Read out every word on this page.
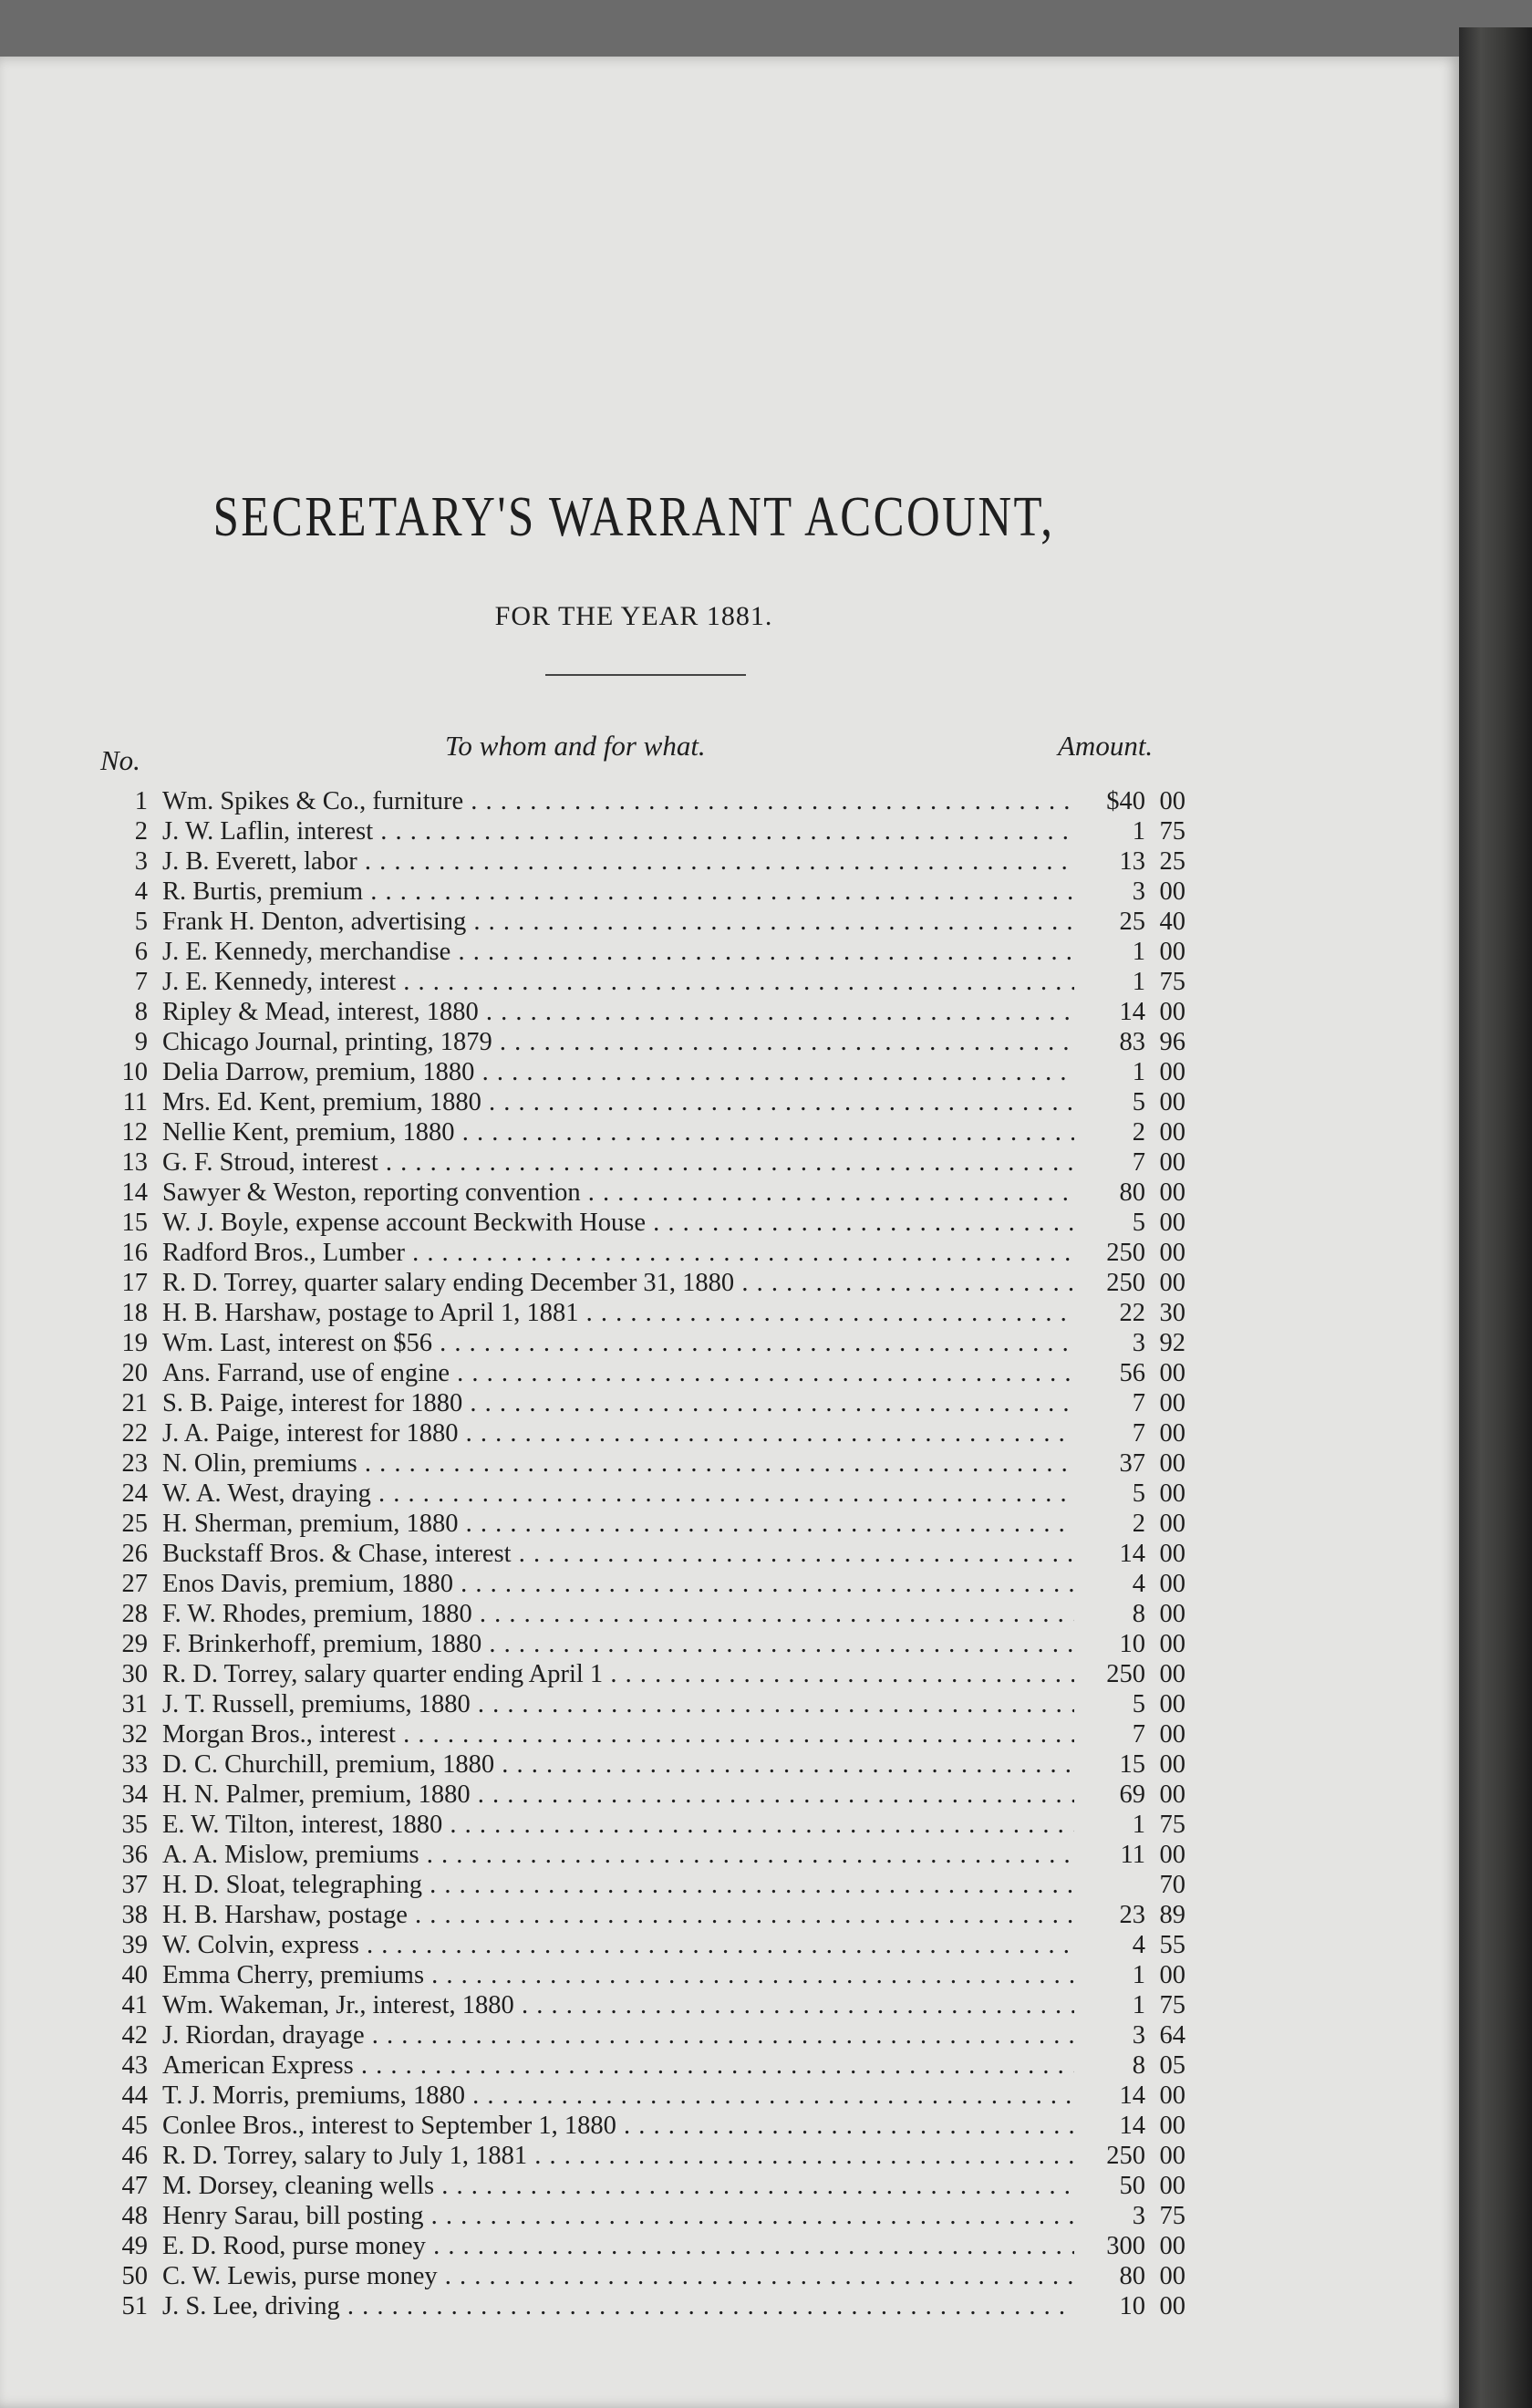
SECRETARY'S WARRANT ACCOUNT,
FOR THE YEAR 1881.
No.	To whom and for what.	Amount.
1 Wm. Spikes & Co., furniture . . .	$40 00
2 J. W. Laflin, interest . . .	1 75
3 J. B. Everett, labor . . .	13 25
4 R. Burtis, premium . . .	3 00
5 Frank H. Denton, advertising . . .	25 40
6 J. E. Kennedy, merchandise . . .	1 00
7 J. E. Kennedy, interest . . .	1 75
8 Ripley & Mead, interest, 1880 . . .	14 00
9 Chicago Journal, printing, 1879 . . .	83 96
10 Delia Darrow, premium, 1880 . . .	1 00
11 Mrs. Ed. Kent, premium, 1880 . . .	5 00
12 Nellie Kent, premium, 1880 . . .	2 00
13 G. F. Stroud, interest . . .	7 00
14 Sawyer & Weston, reporting convention . . .	80 00
15 W. J. Boyle, expense account Beckwith House . . .	5 00
16 Radford Bros., Lumber . . .	250 00
17 R. D. Torrey, quarter salary ending December 31, 1880 . . .	250 00
18 H. B. Harshaw, postage to April 1, 1881 . . .	22 30
19 Wm. Last, interest on $56 . . .	3 92
20 Ans. Farrand, use of engine . . .	56 00
21 S. B. Paige, interest for 1880 . . .	7 00
22 J. A. Paige, interest for 1880 . . .	7 00
23 N. Olin, premiums . . .	37 00
24 W. A. West, draying . . .	5 00
25 H. Sherman, premium, 1880 . . .	2 00
26 Buckstaff Bros. & Chase, interest . . .	14 00
27 Enos Davis, premium, 1880 . . .	4 00
28 F. W. Rhodes, premium, 1880 . . .	8 00
29 F. Brinkerhoff, premium, 1880 . . .	10 00
30 R. D. Torrey, salary quarter ending April 1 . . .	250 00
31 J. T. Russell, premiums, 1880 . . .	5 00
32 Morgan Bros., interest . . .	7 00
33 D. C. Churchill, premium, 1880 . . .	15 00
34 H. N. Palmer, premium, 1880 . . .	69 00
35 E. W. Tilton, interest, 1880 . . .	1 75
36 A. A. Mislow, premiums . . .	11 00
37 H. D. Sloat, telegraphing . . .	70
38 H. B. Harshaw, postage . . .	23 89
39 W. Colvin, express . . .	4 55
40 Emma Cherry, premiums . . .	1 00
41 Wm. Wakeman, Jr., interest, 1880 . . .	1 75
42 J. Riordan, drayage . . .	3 64
43 American Express . . .	8 05
44 T. J. Morris, premiums, 1880 . . .	14 00
45 Conlee Bros., interest to September 1, 1880 . . .	14 00
46 R. D. Torrey, salary to July 1, 1881 . . .	250 00
47 M. Dorsey, cleaning wells . . .	50 00
48 Henry Sarau, bill posting . . .	3 75
49 E. D. Rood, purse money . . .	300 00
50 C. W. Lewis, purse money . . .	80 00
51 J. S. Lee, driving . . .	10 00
